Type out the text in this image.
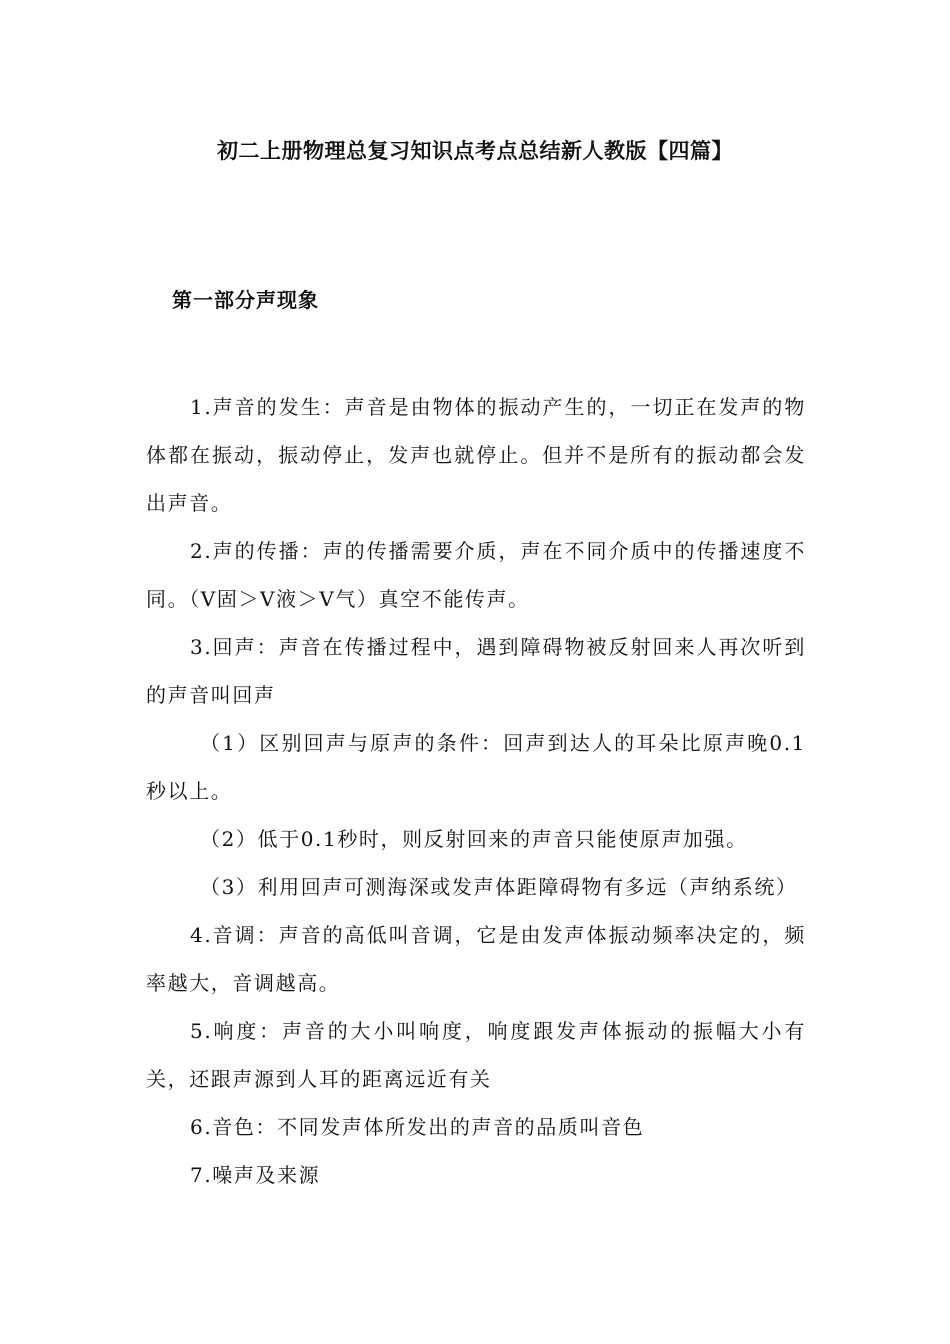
初二上册物理总复习知识点考点总结新人教版【四篇】
第一部分声现象

1.声音的发生：声音是由物体的振动产生的，一切正在发声的物体都在振动，振动停止，发声也就停止。但并不是所有的振动都会发出声音。

2.声的传播：声的传播需要介质，声在不同介质中的传播速度不同。（V固＞V液＞V气）真空不能传声。

3.回声：声音在传播过程中，遇到障碍物被反射回来人再次听到的声音叫回声

（1）区别回声与原声的条件：回声到达人的耳朵比原声晚0.1秒以上。

（2）低于0.1秒时，则反射回来的声音只能使原声加强。

（3）利用回声可测海深或发声体距障碍物有多远（声纳系统）

4.音调：声音的高低叫音调，它是由发声体振动频率决定的，频率越大，音调越高。

5.响度：声音的大小叫响度，响度跟发声体振动的振幅大小有关，还跟声源到人耳的距离远近有关

6.音色：不同发声体所发出的声音的品质叫音色

7.噪声及来源
